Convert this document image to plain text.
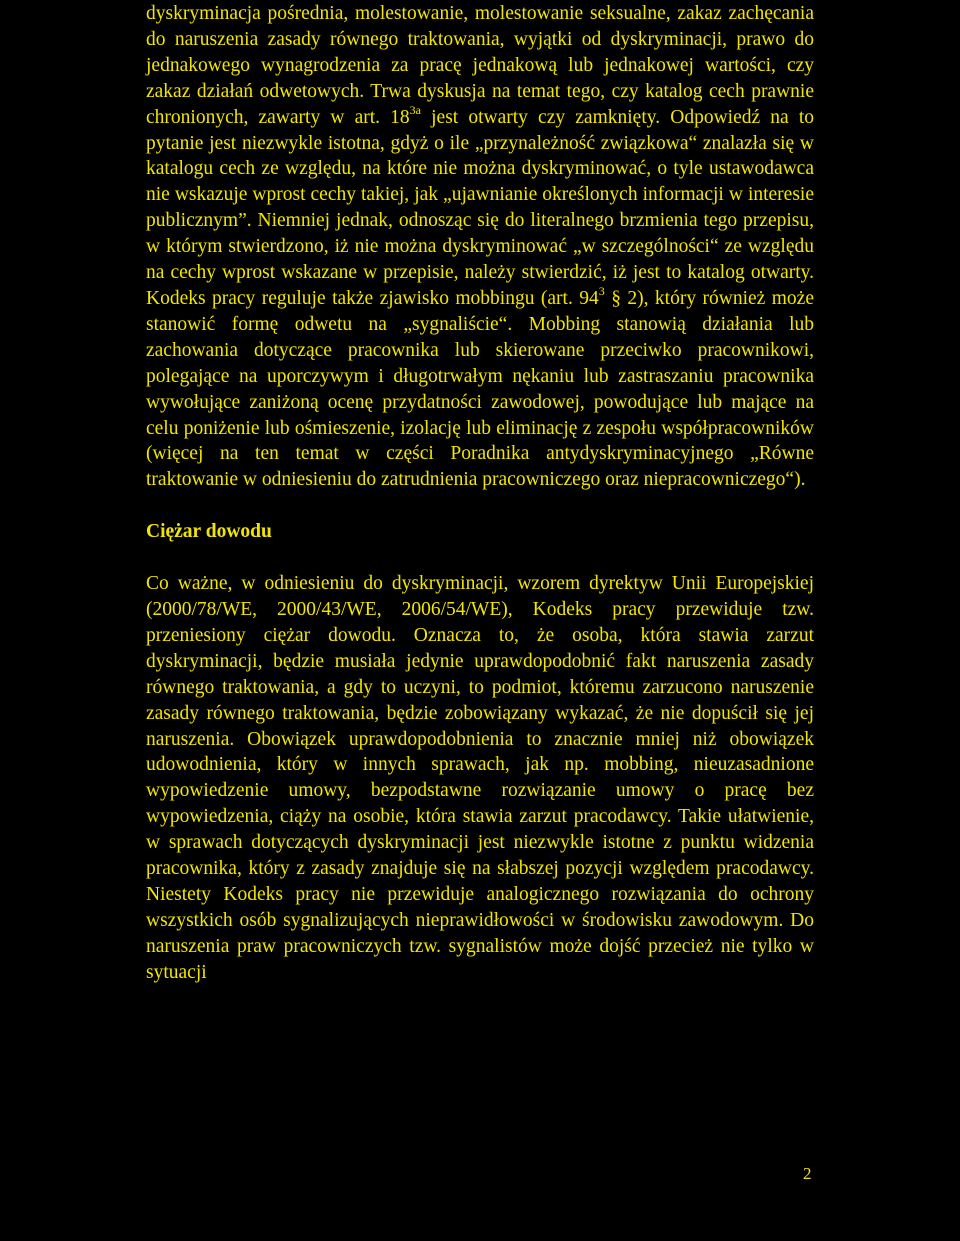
dyskryminacja pośrednia, molestowanie, molestowanie seksualne, zakaz zachęcania do naruszenia zasady równego traktowania, wyjątki od dyskryminacji, prawo do jednakowego wynagrodzenia za pracę jednakową lub jednakowej wartości, czy zakaz działań odwetowych. Trwa dyskusja na temat tego, czy katalog cech prawnie chronionych, zawarty w art. $18^{3a}$ jest otwarty czy zamknięty. Odpowiedź na to pytanie jest niezwykle istotna, gdyż o ile „przynależność związkowa“ znalazła się w katalogu cech ze względu, na które nie można dyskryminować, o tyle ustawodawca nie wskazuje wprost cechy takiej, jak „ujawnianie określonych informacji w interesie publicznym”. Niemniej jednak, odnosząc się do literalnego brzmienia tego przepisu, w którym stwierdzono, iż nie można dyskryminować „w szczególności“ ze względu na cechy wprost wskazane w przepisie, należy stwierdzić, iż jest to katalog otwarty. Kodeks pracy reguluje także zjawisko mobbingu (art. $94^3$ § 2), który również może stanowić formę odwetu na „sygnaliście“. Mobbing stanowią działania lub zachowania dotyczące pracownika lub skierowane przeciwko pracownikowi, polegające na uporczywym i długotrwałym nękaniu lub zastraszaniu pracownika wywołujące zaniżoną ocenę przydatności zawodowej, powodujące lub mające na celu poniżenie lub ośmieszenie, izolację lub eliminację z zespołu współpracowników (więcej na ten temat w części Poradnika antydyskryminacyjnego „Równe traktowanie w odniesieniu do zatrudnienia pracowniczego oraz niepracowniczego“).

Ciężar dowodu

Co ważne, w odniesieniu do dyskryminacji, wzorem dyrektyw Unii Europejskiej (2000/78/WE, 2000/43/WE, 2006/54/WE), Kodeks pracy przewiduje tzw. przeniesiony ciężar dowodu. Oznacza to, że osoba, która stawia zarzut dyskryminacji, będzie musiała jedynie uprawdopodobnić fakt naruszenia zasady równego traktowania, a gdy to uczyni, to podmiot, któremu zarzucono naruszenie zasady równego traktowania, będzie zobowiązany wykazać, że nie dopuścił się jej naruszenia. Obowiązek uprawdopodobnienia to znacznie mniej niż obowiązek udowodnienia, który w innych sprawach, jak np. mobbing, nieuzasadnione wypowiedzenie umowy, bezpodstawne rozwiązanie umowy o pracę bez wypowiedzenia, ciąży na osobie, która stawia zarzut pracodawcy. Takie ułatwienie, w sprawach dotyczących dyskryminacji jest niezwykle istotne z punktu widzenia pracownika, który z zasady znajduje się na słabszej pozycji względem pracodawcy. Niestety Kodeks pracy nie przewiduje analogicznego rozwiązania do ochrony wszystkich osób sygnalizujących nieprawidłowości w środowisku zawodowym. Do naruszenia praw pracowniczych tzw. sygnalistów może dojść przecież nie tylko w sytuacji

2
